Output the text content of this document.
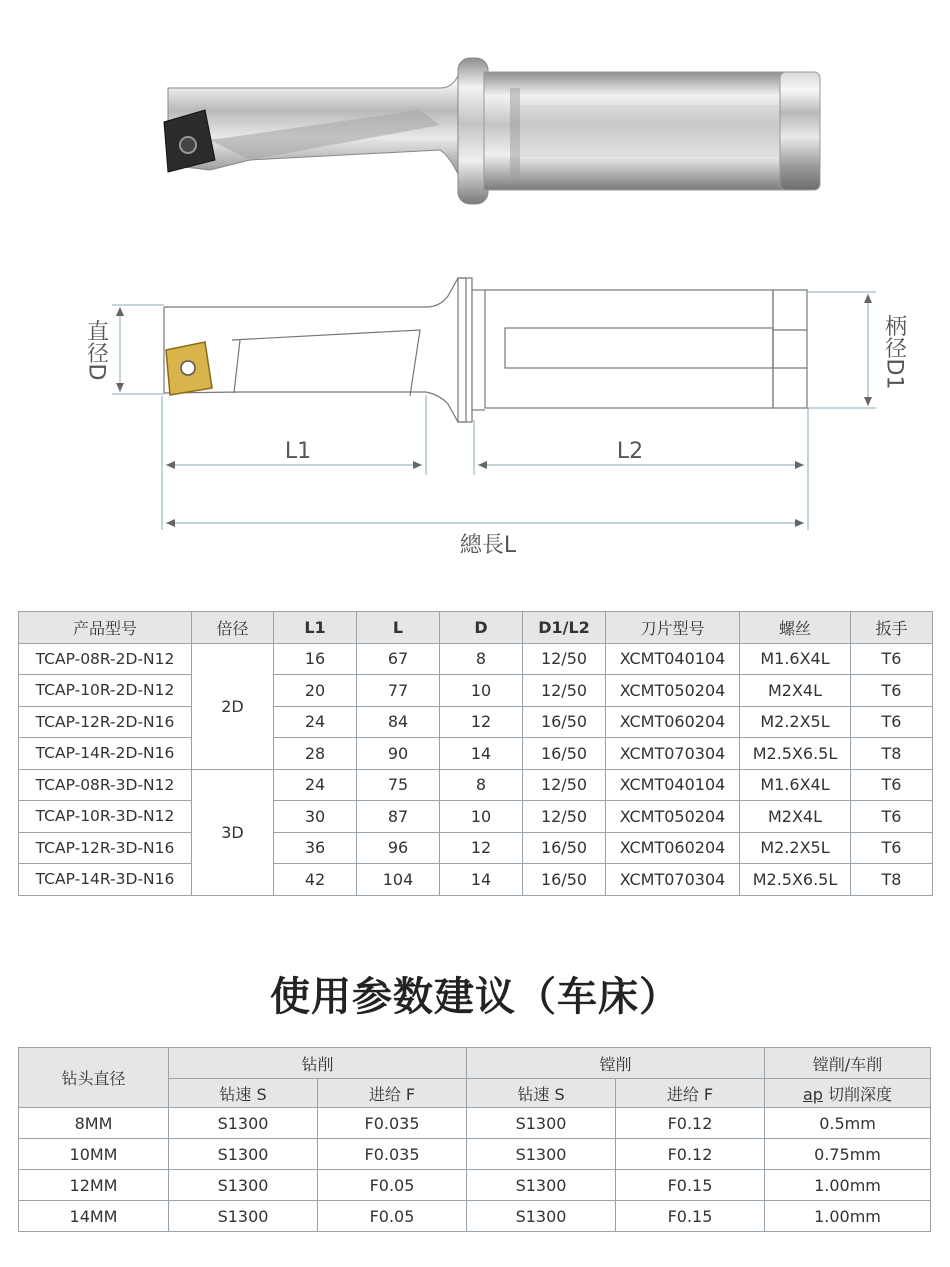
直径D	柄径D1
L1	L2
總長L
产品型号	倍径	L1	L	D	D1/L2	刀片型号	螺丝	扳手
TCAP-08R-2D-N12	2D	16	67	8	12/50	XCMT040104	M1.6X4L	T6
TCAP-10R-2D-N12		20	77	10	12/50	XCMT050204	M2X4L	T6
TCAP-12R-2D-N16		24	84	12	16/50	XCMT060204	M2.2X5L	T6
TCAP-14R-2D-N16		28	90	14	16/50	XCMT070304	M2.5X6.5L	T8
TCAP-08R-3D-N12	3D	24	75	8	12/50	XCMT040104	M1.6X4L	T6
TCAP-10R-3D-N12		30	87	10	12/50	XCMT050204	M2X4L	T6
TCAP-12R-3D-N16		36	96	12	16/50	XCMT060204	M2.2X5L	T6
TCAP-14R-3D-N16		42	104	14	16/50	XCMT070304	M2.5X6.5L	T8
使用参数建议（车床）
钻头直径	钻削		镗削		镗削/车削
	钻速 S	进给 F	钻速 S	进给 F	ap 切削深度
8MM	S1300	F0.035	S1300	F0.12	0.5mm
10MM	S1300	F0.035	S1300	F0.12	0.75mm
12MM	S1300	F0.05	S1300	F0.15	1.00mm
14MM	S1300	F0.05	S1300	F0.15	1.00mm
